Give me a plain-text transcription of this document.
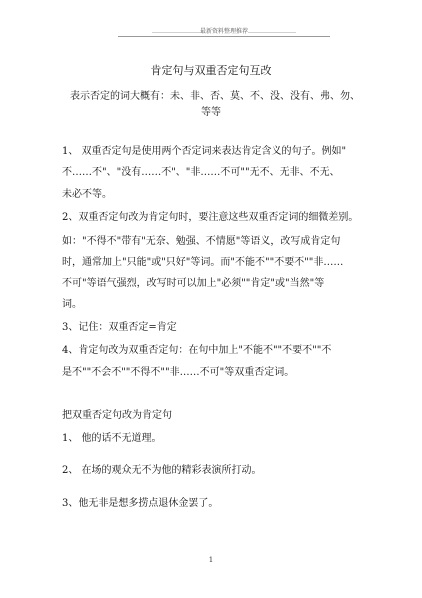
……………………最新资料整理推荐……………………
肯定句与双重否定句互改
表示否定的词大概有：未、非、否、莫、不、没、没有、弗、勿、
等等
1、 双重否定句是使用两个否定词来表达肯定含义的句子。例如"
不……不"、"没有……不"、"非……不可""无不、无非、不无、
未必不等。
2、双重否定句改为肯定句时，要注意这些双重否定词的细微差别。
如："不得不"带有"无奈、勉强、不情愿"等语义，改写成肯定句
时，通常加上"只能"或"只好"等词。而"不能不""不要不""非……
不可"等语气强烈，改写时可以加上"必须""肯定"或"当然"等
词。
3、记住：双重否定=肯定
4、肯定句改为双重否定句：在句中加上"不能不""不要不""不
是不""不会不""不得不""非……不可"等双重否定词。
把双重否定句改为肯定句
1、 他的话不无道理。
2、 在场的观众无不为他的精彩表演所打动。
3、他无非是想多捞点退休金罢了。
1
